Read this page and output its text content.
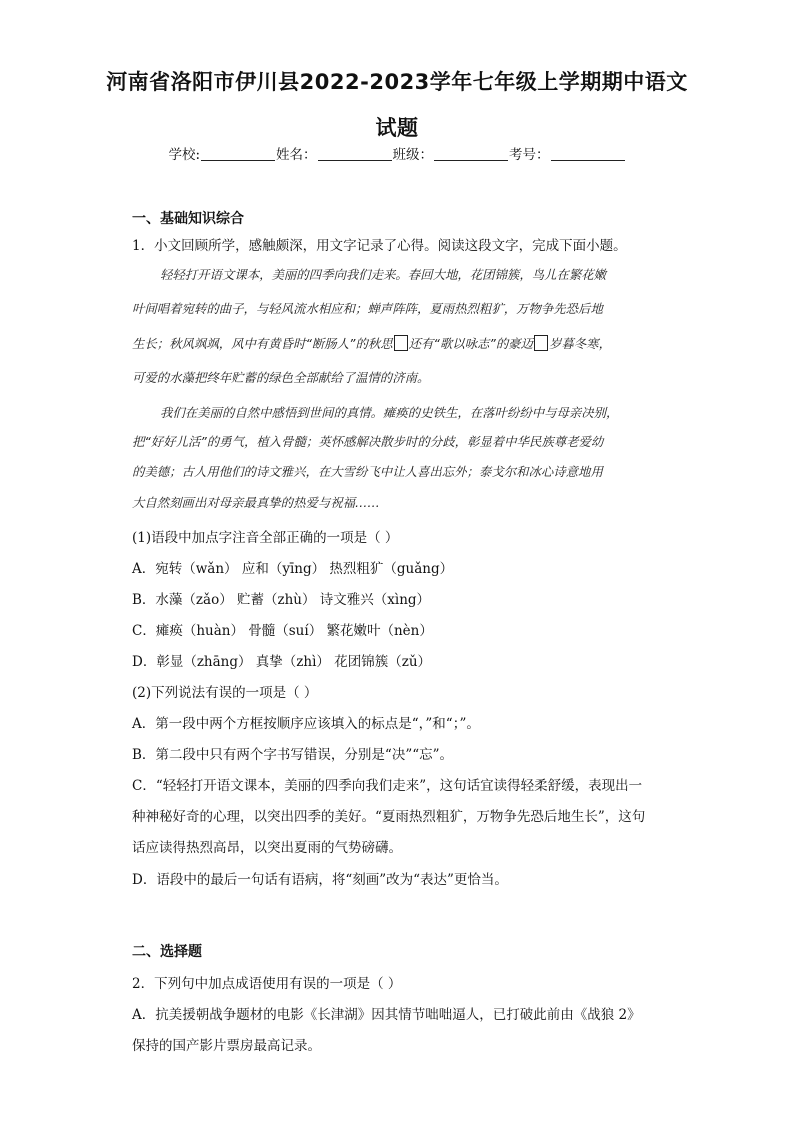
河南省洛阳市伊川县2022-2023学年七年级上学期期中语文
试题
学校:	姓名：	班级：	考号：
一、基础知识综合
1．小文回顾所学，感触颇深，用文字记录了心得。阅读这段文字，完成下面小题。
轻轻打开语文课本，美丽的四季向我们走来。春回大地，花团锦簇，鸟儿在繁花嫩
叶间唱着宛转的曲子，与轻风流水相应和；蝉声阵阵，夏雨热烈粗犷，万物争先恐后地
生长；秋风飒飒，风中有黄昏时“断肠人”的秋思 还有“歌以咏志”的豪迈 岁暮冬寒，
可爱的水藻把终年贮蓄的绿色全部献给了温情的济南。
我们在美丽的自然中感悟到世间的真情。瘫痪的史铁生，在落叶纷纷中与母亲决别，
把“好好儿活”的勇气，植入骨髓；英怀感解决散步时的分歧，彰显着中华民族尊老爱幼
的美德；古人用他们的诗文雅兴，在大雪纷飞中让人喜出忘外；泰戈尔和冰心诗意地用
大自然刻画出对母亲最真挚的热爱与祝福……
(1)语段中加点字注音全部正确的一项是（ ）
A．宛转（wǎn） 应和（yīng） 热烈粗犷（guǎng）
B．水藻（zǎo） 贮蓄（zhù） 诗文雅兴（xìng）
C．瘫痪（huàn） 骨髓（suí） 繁花嫩叶（nèn）
D．彰显（zhāng） 真挚（zhì） 花团锦簇（zǔ）
(2)下列说法有误的一项是（ ）
A．第一段中两个方框按顺序应该填入的标点是“，”和“；”。
B．第二段中只有两个字书写错误，分别是“决”“忘”。
C．“轻轻打开语文课本，美丽的四季向我们走来”，这句话宜读得轻柔舒缓，表现出一
种神秘好奇的心理，以突出四季的美好。“夏雨热烈粗犷，万物争先恐后地生长”，这句
话应读得热烈高昂，以突出夏雨的气势磅礴。
D．语段中的最后一句话有语病，将“刻画”改为“表达”更恰当。
二、选择题
2．下列句中加点成语使用有误的一项是（ ）
A．抗美援朝战争题材的电影《长津湖》因其情节咄咄逼人，已打破此前由《战狼 2》
保持的国产影片票房最高记录。
